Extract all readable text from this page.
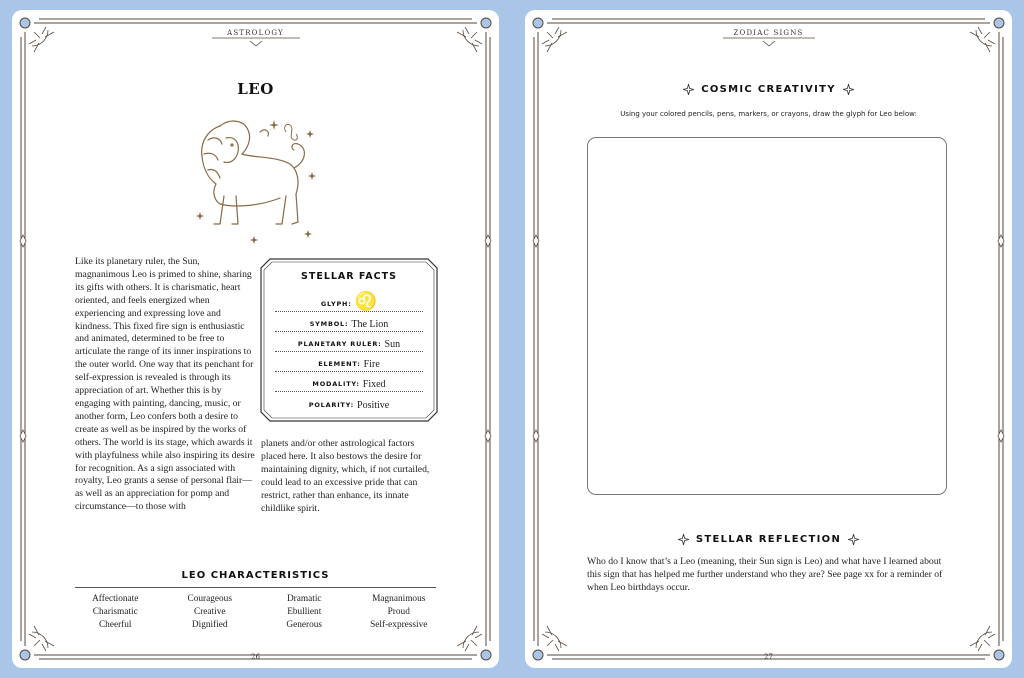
ASTROLOGY
LEO

Like its planetary ruler, the Sun, magnanimous Leo is primed to shine, sharing its gifts with others. It is charismatic, heart oriented, and feels energized when experiencing and expressing love and kindness. This fixed fire sign is enthusiastic and animated, determined to be free to articulate the range of its inner inspirations to the outer world. One way that its penchant for self-expression is revealed is through its appreciation of art. Whether this is by engaging with painting, dancing, music, or another form, Leo confers both a desire to create as well as be inspired by the works of others. The world is its stage, which awards it with playfulness while also inspiring its desire for recognition. As a sign associated with royalty, Leo grants a sense of personal flair—as well as an appreciation for pomp and circumstance—to those with

STELLAR FACTS
GLYPH: ♌
SYMBOL: The Lion
PLANETARY RULER: Sun
ELEMENT: Fire
MODALITY: Fixed
POLARITY: Positive

planets and/or other astrological factors placed here. It also bestows the desire for maintaining dignity, which, if not curtailed, could lead to an excessive pride that can restrict, rather than enhance, its innate childlike spirit.

LEO CHARACTERISTICS
Affectionate
Charismatic
Cheerful
Courageous
Creative
Dignified
Dramatic
Ebullient
Generous
Magnanimous
Proud
Self-expressive
26
ZODIAC SIGNS
COSMIC CREATIVITY
Using your colored pencils, pens, markers, or crayons, draw the glyph for Leo below:
STELLAR REFLECTION

Who do I know that’s a Leo (meaning, their Sun sign is Leo) and what have I learned about this sign that has helped me further understand who they are? See page xx for a reminder of when Leo birthdays occur.

27
